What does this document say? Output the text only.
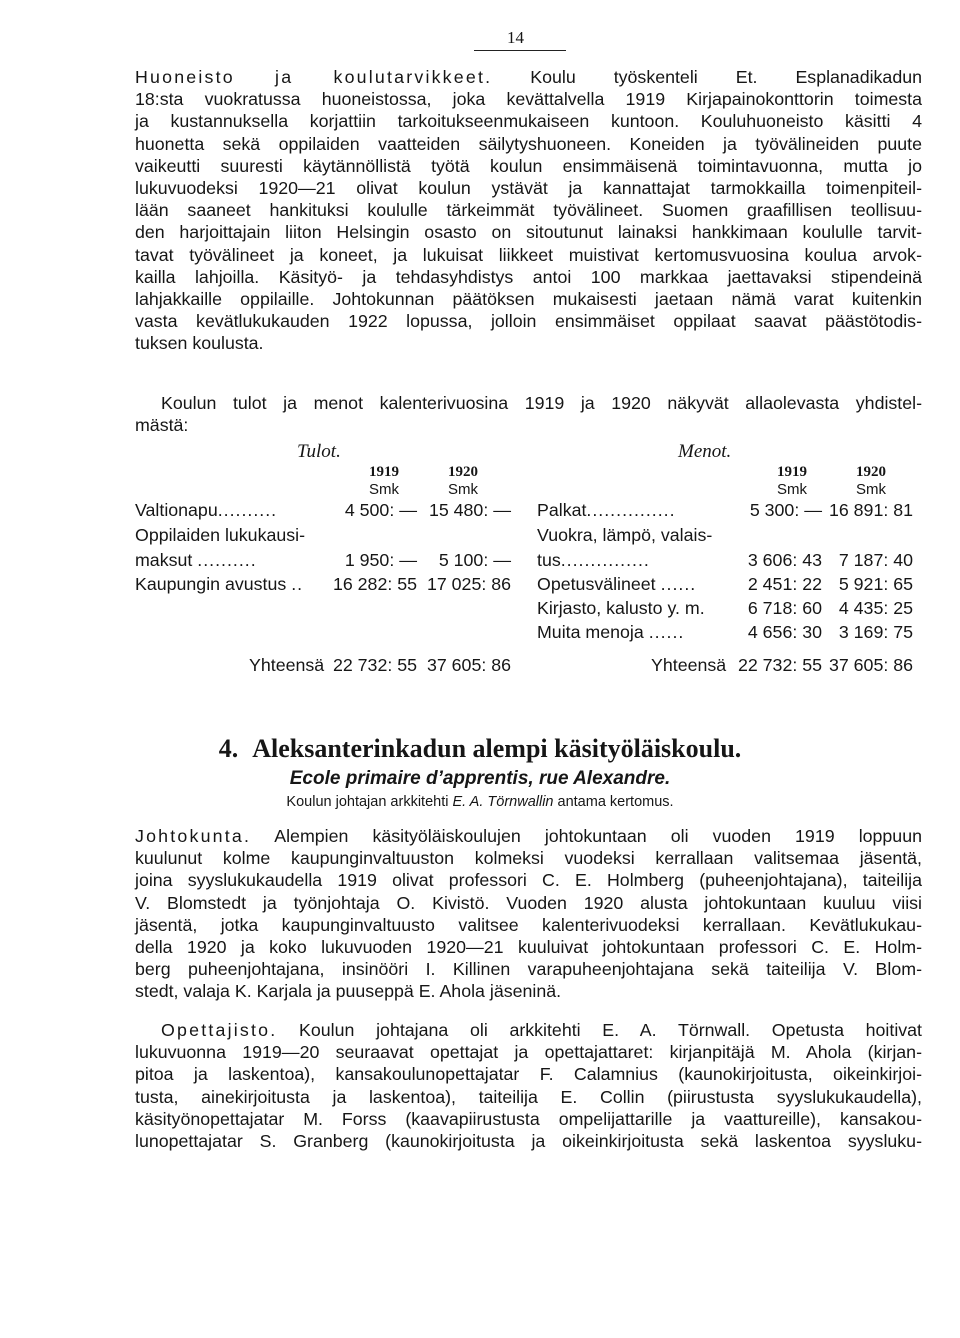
14
Huoneisto ja koulutarvikkeet. Koulu työskenteli Et. Esplanadikadun
18:sta vuokratussa huoneistossa, joka kevättalvella 1919 Kirjapainokonttorin toimesta
ja kustannuksella korjattiin tarkoitukseenmukaiseen kuntoon. Kouluhuoneisto käsitti 4
huonetta sekä oppilaiden vaatteiden säilytyshuoneen. Koneiden ja työvälineiden puute
vaikeutti suuresti käytännöllistä työtä koulun ensimmäisenä toimintavuonna, mutta jo
lukuvuodeksi 1920—21 olivat koulun ystävät ja kannattajat tarmokkailla toimenpiteil-
lään saaneet hankituksi koululle tärkeimmät työvälineet. Suomen graafillisen teollisuu-
den harjoittajain liiton Helsingin osasto on sitoutunut lainaksi hankkimaan koululle tarvit-
tavat työvälineet ja koneet, ja lukuisat liikkeet muistivat kertomusvuosina koulua arvok-
kailla lahjoilla. Käsityö- ja tehdasyhdistys antoi 100 markkaa jaettavaksi stipendeinä
lahjakkaille oppilaille. Johtokunnan päätöksen mukaisesti jaetaan nämä varat kuitenkin
vasta kevätlukukauden 1922 lopussa, jolloin ensimmäiset oppilaat saavat päästötodis-
tuksen koulusta.
Koulun tulot ja menot kalenterivuosina 1919 ja 1920 näkyvät allaolevasta yhdistel-
mästä:
Tulot.	Menot.
1919
Smk
1920
Smk
1919
Smk
1920
Smk
Valtionapu..........	4 500: — 15 480: —
Oppilaiden lukukausi-
maksut ..........	1 950: —	5 100: —
Kaupungin avustus ..	16 282: 55 17 025: 86
Palkat...............	5 300: — 16 891: 81
Vuokra, lämpö, valais-
tus...............	3 606: 43 7 187: 40
Opetusvälineet ......	2 451: 22 5 921: 65
Kirjasto, kalusto y. m.	6 718: 60 4 435: 25
Muita menoja ......	4 656: 30 3 169: 75
Yhteensä 22 732: 55 37 605: 86	Yhteensä 22 732: 55 37 605: 86
4. Aleksanterinkadun alempi käsityöläiskoulu.
Ecole primaire d’apprentis, rue Alexandre.
Koulun johtajan arkkitehti E. A. Törnwallin antama kertomus.
Johtokunta. Alempien käsityöläiskoulujen johtokuntaan oli vuoden 1919 loppuun
kuulunut kolme kaupunginvaltuuston kolmeksi vuodeksi kerrallaan valitsemaa jäsentä,
joina syyslukukaudella 1919 olivat professori C. E. Holmberg (puheenjohtajana), taiteilija
V. Blomstedt ja työnjohtaja O. Kivistö. Vuoden 1920 alusta johtokuntaan kuuluu viisi
jäsentä, jotka kaupunginvaltuusto valitsee kalenterivuodeksi kerrallaan. Kevätlukukau-
della 1920 ja koko lukuvuoden 1920—21 kuuluivat johtokuntaan professori C. E. Holm-
berg puheenjohtajana, insinööri I. Killinen varapuheenjohtajana sekä taiteilija V. Blom-
stedt, valaja K. Karjala ja puuseppä E. Ahola jäseninä.
Opettajisto. Koulun johtajana oli arkkitehti E. A. Törnwall. Opetusta hoitivat
lukuvuonna 1919—20 seuraavat opettajat ja opettajattaret: kirjanpitäjä M. Ahola (kirjan-
pitoa ja laskentoa), kansakoulunopettajatar F. Calamnius (kaunokirjoitusta, oikeinkirjoi-
tusta, ainekirjoitusta ja laskentoa), taiteilija E. Collin (piirustusta syyslukukaudella),
käsityönopettajatar M. Forss (kaavapiirustusta ompelijattarille ja vaattureille), kansakou-
lunopettajatar S. Granberg (kaunokirjoitusta ja oikeinkirjoitusta sekä laskentoa syysluku-
